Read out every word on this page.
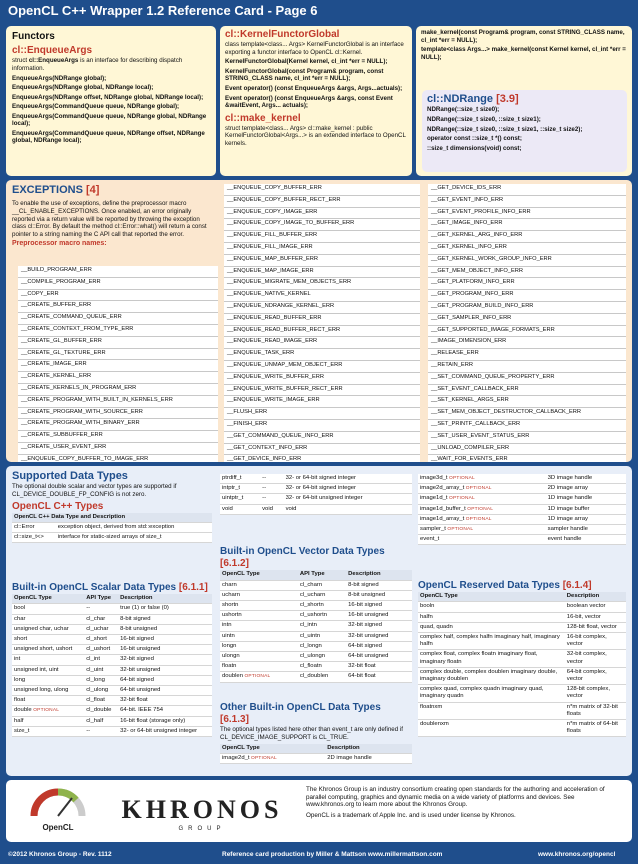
OpenCL C++ Wrapper 1.2 Reference Card - Page 6
Functors
cl::EnqueueArgs

struct cl::EnqueueArgs is an interface for describing dispatch information.

EnqueueArgs(NDRange global);
EnqueueArgs(NDRange global, NDRange local);
EnqueueArgs(NDRange offset, NDRange global, NDRange local);
EnqueueArgs(CommandQueue queue, NDRange global);
EnqueueArgs(CommandQueue queue, NDRange global, NDRange local);
EnqueueArgs(CommandQueue queue, NDRange offset, NDRange global, NDRange local);
cl::KernelFunctorGlobal

class template<class... Args> KernelFunctorGlobal is an interface exporting a functor interface to OpenCL cl::Kernel.

KernelFunctorGlobal(Kernel kernel, cl_int *err = NULL);
KernelFunctorGlobal(const Program& program, const STRING_CLASS name, cl_int *err = NULL);
Event operator() (const EnqueueArgs &args, Args...actuals);
Event operator() (const EnqueueArgs &args, const Event &waitEvent, Args... actuals);
cl::make_kernel

struct template<class... Args> cl::make_kernel : public KernelFunctorGlobal<Args...> is an extended interface to OpenCL kernels.

make_kernel(const Program& program, const STRING_CLASS name, cl_int *err = NULL);
template<class Args...> make_kernel(const Kernel kernel, cl_int *err = NULL);
cl::NDRange [3.9]
NDRange(::size_t size0);
NDRange(::size_t size0, ::size_t size1);
NDRange(::size_t size0, ::size_t size1, ::size_t size2);
operator const ::size_t *() const;
::size_t dimensions(void) const;
EXCEPTIONS [4]

To enable the use of exceptions, define the preprocessor macro __CL_ENABLE_EXCEPTIONS. Once enabled, an error originally reported via a return value will be reported by throwing the exception class cl::Error. By default the method cl::Error::what() will return a const pointer to a string naming the C API call that reported the error.

Preprocessor macro names:
__BUILD_PROGRAM_ERR
__COMPILE_PROGRAM_ERR
__COPY_ERR
__CREATE_BUFFER_ERR
__CREATE_COMMAND_QUEUE_ERR
__CREATE_CONTEXT_FROM_TYPE_ERR
__CREATE_GL_BUFFER_ERR
__CREATE_GL_TEXTURE_ERR
__CREATE_IMAGE_ERR
__CREATE_KERNEL_ERR
__CREATE_KERNELS_IN_PROGRAM_ERR
__CREATE_PROGRAM_WITH_BUILT_IN_KERNELS_ERR
__CREATE_PROGRAM_WITH_SOURCE_ERR
__CREATE_PROGRAM_WITH_BINARY_ERR
__CREATE_SUBBUFFER_ERR
__CREATE_USER_EVENT_ERR
__ENQUEUE_COPY_BUFFER_TO_IMAGE_ERR
__ENQUEUE_COPY_BUFFER_ERR
__ENQUEUE_COPY_BUFFER_RECT_ERR
__ENQUEUE_COPY_IMAGE_ERR
__ENQUEUE_COPY_IMAGE_TO_BUFFER_ERR
__ENQUEUE_FILL_BUFFER_ERR
__ENQUEUE_FILL_IMAGE_ERR
__ENQUEUE_MAP_BUFFER_ERR
__ENQUEUE_MAP_IMAGE_ERR
__ENQUEUE_MIGRATE_MEM_OBJECTS_ERR
__ENQUEUE_NATIVE_KERNEL
__ENQUEUE_NDRANGE_KERNEL_ERR
__ENQUEUE_READ_BUFFER_ERR
__ENQUEUE_READ_BUFFER_RECT_ERR
__ENQUEUE_READ_IMAGE_ERR
__ENQUEUE_TASK_ERR
__ENQUEUE_UNMAP_MEM_OBJECT_ERR
__ENQUEUE_WRITE_BUFFER_ERR
__ENQUEUE_WRITE_BUFFER_RECT_ERR
__ENQUEUE_WRITE_IMAGE_ERR
__FLUSH_ERR
__FINISH_ERR
__GET_COMMAND_QUEUE_INFO_ERR
__GET_CONTEXT_INFO_ERR
__GET_DEVICE_INFO_ERR
__GET_DEVICE_IDS_ERR
__GET_EVENT_INFO_ERR
__GET_EVENT_PROFILE_INFO_ERR
__GET_IMAGE_INFO_ERR
__GET_KERNEL_ARG_INFO_ERR
__GET_KERNEL_INFO_ERR
__GET_KERNEL_WORK_GROUP_INFO_ERR
__GET_MEM_OBJECT_INFO_ERR
__GET_PLATFORM_INFO_ERR
__GET_PROGRAM_INFO_ERR
__GET_PROGRAM_BUILD_INFO_ERR
__GET_SAMPLER_INFO_ERR
__GET_SUPPORTED_IMAGE_FORMATS_ERR
__IMAGE_DIMENSION_ERR
__RELEASE_ERR
__RETAIN_ERR
__SET_COMMAND_QUEUE_PROPERTY_ERR
__SET_EVENT_CALLBACK_ERR
__SET_KERNEL_ARGS_ERR
__SET_MEM_OBJECT_DESTRUCTOR_CALLBACK_ERR
__SET_PRINTF_CALLBACK_ERR
__SET_USER_EVENT_STATUS_ERR
__UNLOAD_COMPILER_ERR
__WAIT_FOR_EVENTS_ERR
Supported Data Types

The optional double scalar and vector types are supported if CL_DEVICE_DOUBLE_FP_CONFIG is not zero.

OpenCL C++ Types
OpenCL C++ Data Type and Description	
cl::Error	exception object, derived from std::exception
cl::size_t<>	interface for static-sized arrays of size_t
Built-in OpenCL Scalar Data Types [6.1.1]
OpenCL Type	API Type	Description
bool	--	true (1) or false (0)
char	cl_char	8-bit signed
unsigned char, uchar	cl_uchar	8-bit unsigned
short	cl_short	16-bit signed
unsigned short, ushort	cl_ushort	16-bit unsigned
int	cl_int	32-bit signed
unsigned int, uint	cl_uint	32-bit unsigned
long	cl_long	64-bit signed
unsigned long, ulong	cl_ulong	64-bit unsigned
float	cl_float	32-bit float
double OPTIONAL	cl_double	64-bit. IEEE 754
half	cl_half	16-bit float (storage only)
size_t	--	32- or 64-bit unsigned integer
ptrdiff_t	--	32- or 64-bit signed integer
intptr_t	--	32- or 64-bit signed integer
uintptr_t	--	32- or 64-bit unsigned integer
void	void	void
Built-in OpenCL Vector Data Types [6.1.2]
OpenCL Type	API Type	Description
charn	cl_charn	8-bit signed
ucharn	cl_ucharn	8-bit unsigned
shortn	cl_shortn	16-bit signed
ushortn	cl_ushortn	16-bit unsigned
intn	cl_intn	32-bit signed
uintn	cl_uintn	32-bit unsigned
longn	cl_longn	64-bit signed
ulongn	cl_ulongn	64-bit unsigned
floatn	cl_floatn	32-bit float
doublen OPTIONAL	cl_doublen	64-bit float
Other Built-in OpenCL Data Types [6.1.3]

The optional types listed here other than event_t are only defined if CL_DEVICE_IMAGE_SUPPORT is CL_TRUE.

OpenCL Type	Description
image2d_t OPTIONAL	2D image handle
image3d_t OPTIONAL	3D image handle
image2d_array_t OPTIONAL	2D image array
image1d_t OPTIONAL	1D image handle
image1d_buffer_t OPTIONAL	1D image buffer
image1d_array_t OPTIONAL	1D image array
sampler_t OPTIONAL	sampler handle
event_t	event handle
OpenCL Reserved Data Types [6.1.4]
OpenCL Type	Description
booln	boolean vector
halfn	16-bit, vector
quad, quadn	128-bit float, vector
complex half, complex halfn imaginary half, imaginary halfn	16-bit complex, vector
complex float, complex floatn imaginary float, imaginary floatn	32-bit complex, vector
complex double, complex doublen imaginary double, imaginary doublen	64-bit complex, vector
complex quad, complex quadn imaginary quad, imaginary quadn	128-bit complex, vector
floatnxm	n*m matrix of 32-bit floats
doublenxm	n*m matrix of 64-bit floats
OpenCL
KHRONOS
GROUP

The Khronos Group is an industry consortium creating open standards for the authoring and acceleration of parallel computing, graphics and dynamic media on a wide variety of platforms and devices. See www.khronos.org to learn more about the Khronos Group.

OpenCL is a trademark of Apple Inc. and is used under license by Khronos.

©2012 Khronos Group - Rev. 1112	Reference card production by Miller & Mattson www.millermattson.com	www.khronos.org/opencl
